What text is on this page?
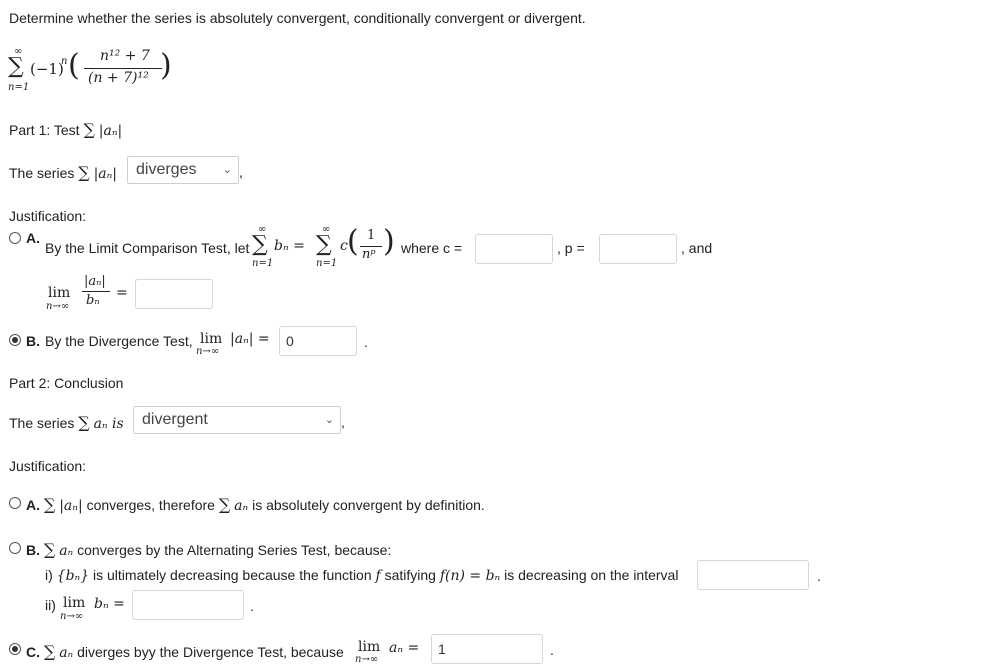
Determine whether the series is absolutely convergent, conditionally convergent or divergent.
∞
∑
n=1
(−1)
n ( n¹² + 7
(n + 7)¹² )
Part 1: Test ∑ |aₙ|
The series ∑ |aₙ|	diverges ⌄ ,
Justification:
A.
By the Limit Comparison Test, let
∞
∑
n=1
bₙ =
∞
∑
n=1
c ( 1
nᵖ ) where c =	, p =	, and
lim
n→∞
|aₙ|
bₙ =
B. By the Divergence Test, lim
n→∞
|aₙ| =	0	.
Part 2: Conclusion
The series ∑ aₙ is	divergent	⌄ ,
Justification:
A. ∑ |aₙ| converges, therefore ∑ aₙ is absolutely convergent by definition.
B. ∑ aₙ converges by the Alternating Series Test, because:
i) {bₙ} is ultimately decreasing because the function f satifying f(n) = bₙ is decreasing on the interval	.
ii) lim
n→∞
bₙ =	.
C. ∑ aₙ diverges byy the Divergence Test, because lim
n→∞
aₙ =	1	.
